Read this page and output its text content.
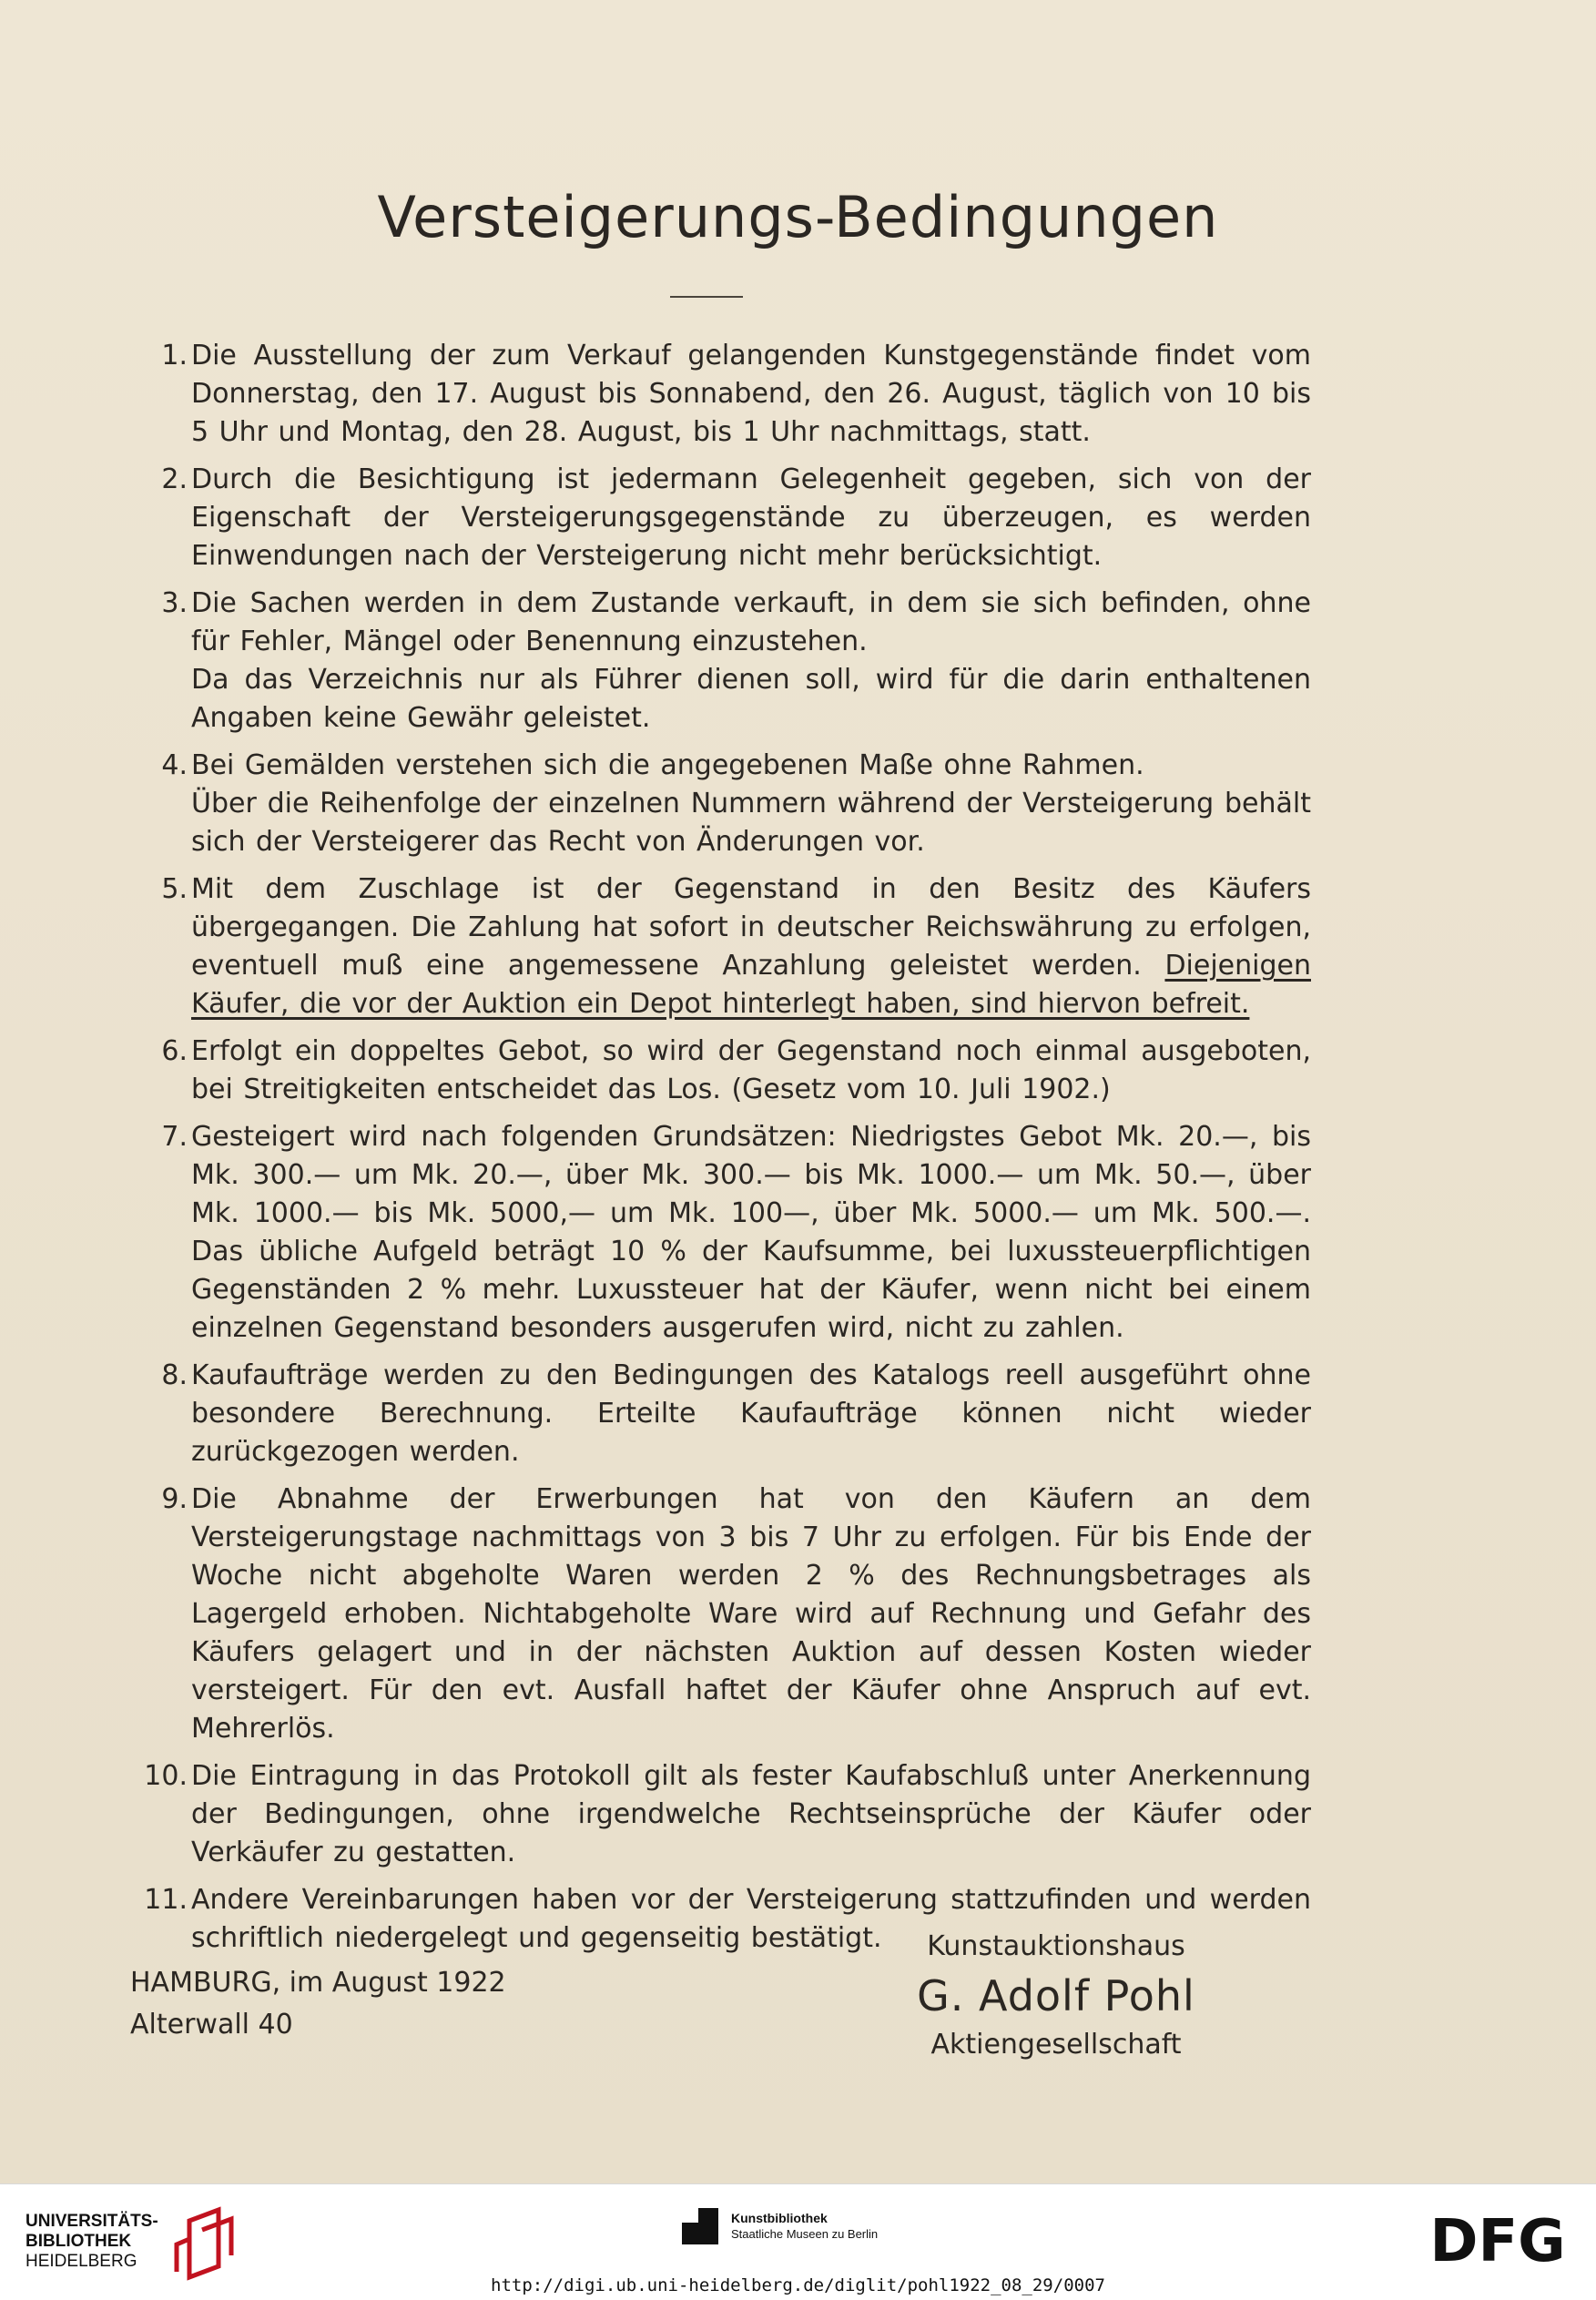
Versteigerungs-Bedingungen
1. Die Ausstellung der zum Verkauf gelangenden Kunstgegenstände findet vom Donnerstag, den 17. August bis Sonnabend, den 26. August, täglich von 10 bis 5 Uhr und Montag, den 28. August, bis 1 Uhr nachmittags, statt.
2. Durch die Besichtigung ist jedermann Gelegenheit gegeben, sich von der Eigenschaft der Versteigerungsgegenstände zu überzeugen, es werden Einwendungen nach der Versteigerung nicht mehr berücksichtigt.
3. Die Sachen werden in dem Zustande verkauft, in dem sie sich befinden, ohne für Fehler, Mängel oder Benennung einzustehen.
Da das Verzeichnis nur als Führer dienen soll, wird für die darin enthaltenen Angaben keine Gewähr geleistet.
4. Bei Gemälden verstehen sich die angegebenen Maße ohne Rahmen.
Über die Reihenfolge der einzelnen Nummern während der Versteigerung behält sich der Versteigerer das Recht von Änderungen vor.
5. Mit dem Zuschlage ist der Gegenstand in den Besitz des Käufers übergegangen. Die Zahlung hat sofort in deutscher Reichswährung zu erfolgen, eventuell muß eine angemessene Anzahlung geleistet werden. Diejenigen Käufer, die vor der Auktion ein Depot hinterlegt haben, sind hiervon befreit.
6. Erfolgt ein doppeltes Gebot, so wird der Gegenstand noch einmal ausgeboten, bei Streitigkeiten entscheidet das Los. (Gesetz vom 10. Juli 1902.)
7. Gesteigert wird nach folgenden Grundsätzen: Niedrigstes Gebot Mk. 20.—, bis Mk. 300.— um Mk. 20.—, über Mk. 300.— bis Mk. 1000.— um Mk. 50.—, über Mk. 1000.— bis Mk. 5000,— um Mk. 100—, über Mk. 5000.— um Mk. 500.—. Das übliche Aufgeld beträgt 10 % der Kaufsumme, bei luxussteuerpflichtigen Gegenständen 2 % mehr. Luxussteuer hat der Käufer, wenn nicht bei einem einzelnen Gegenstand besonders ausgerufen wird, nicht zu zahlen.
8. Kaufaufträge werden zu den Bedingungen des Katalogs reell ausgeführt ohne besondere Berechnung. Erteilte Kaufaufträge können nicht wieder zurückgezogen werden.
9. Die Abnahme der Erwerbungen hat von den Käufern an dem Versteigerungstage nachmittags von 3 bis 7 Uhr zu erfolgen. Für bis Ende der Woche nicht abgeholte Waren werden 2 % des Rechnungsbetrages als Lagergeld erhoben. Nichtabgeholte Ware wird auf Rechnung und Gefahr des Käufers gelagert und in der nächsten Auktion auf dessen Kosten wieder versteigert. Für den evt. Ausfall haftet der Käufer ohne Anspruch auf evt. Mehrerlös.
10. Die Eintragung in das Protokoll gilt als fester Kaufabschluß unter Anerkennung der Bedingungen, ohne irgendwelche Rechtseinsprüche der Käufer oder Verkäufer zu gestatten.
11. Andere Vereinbarungen haben vor der Versteigerung stattzufinden und werden schriftlich niedergelegt und gegenseitig bestätigt.
HAMBURG, im August 1922
Alterwall 40
Kunstauktionshaus
G. Adolf Pohl
Aktiengesellschaft
UNIVERSITÄTS-
BIBLIOTHEK
HEIDELBERG
Kunstbibliothek
Staatliche Museen zu Berlin	DFG
http://digi.ub.uni-heidelberg.de/diglit/pohl1922_08_29/0007
